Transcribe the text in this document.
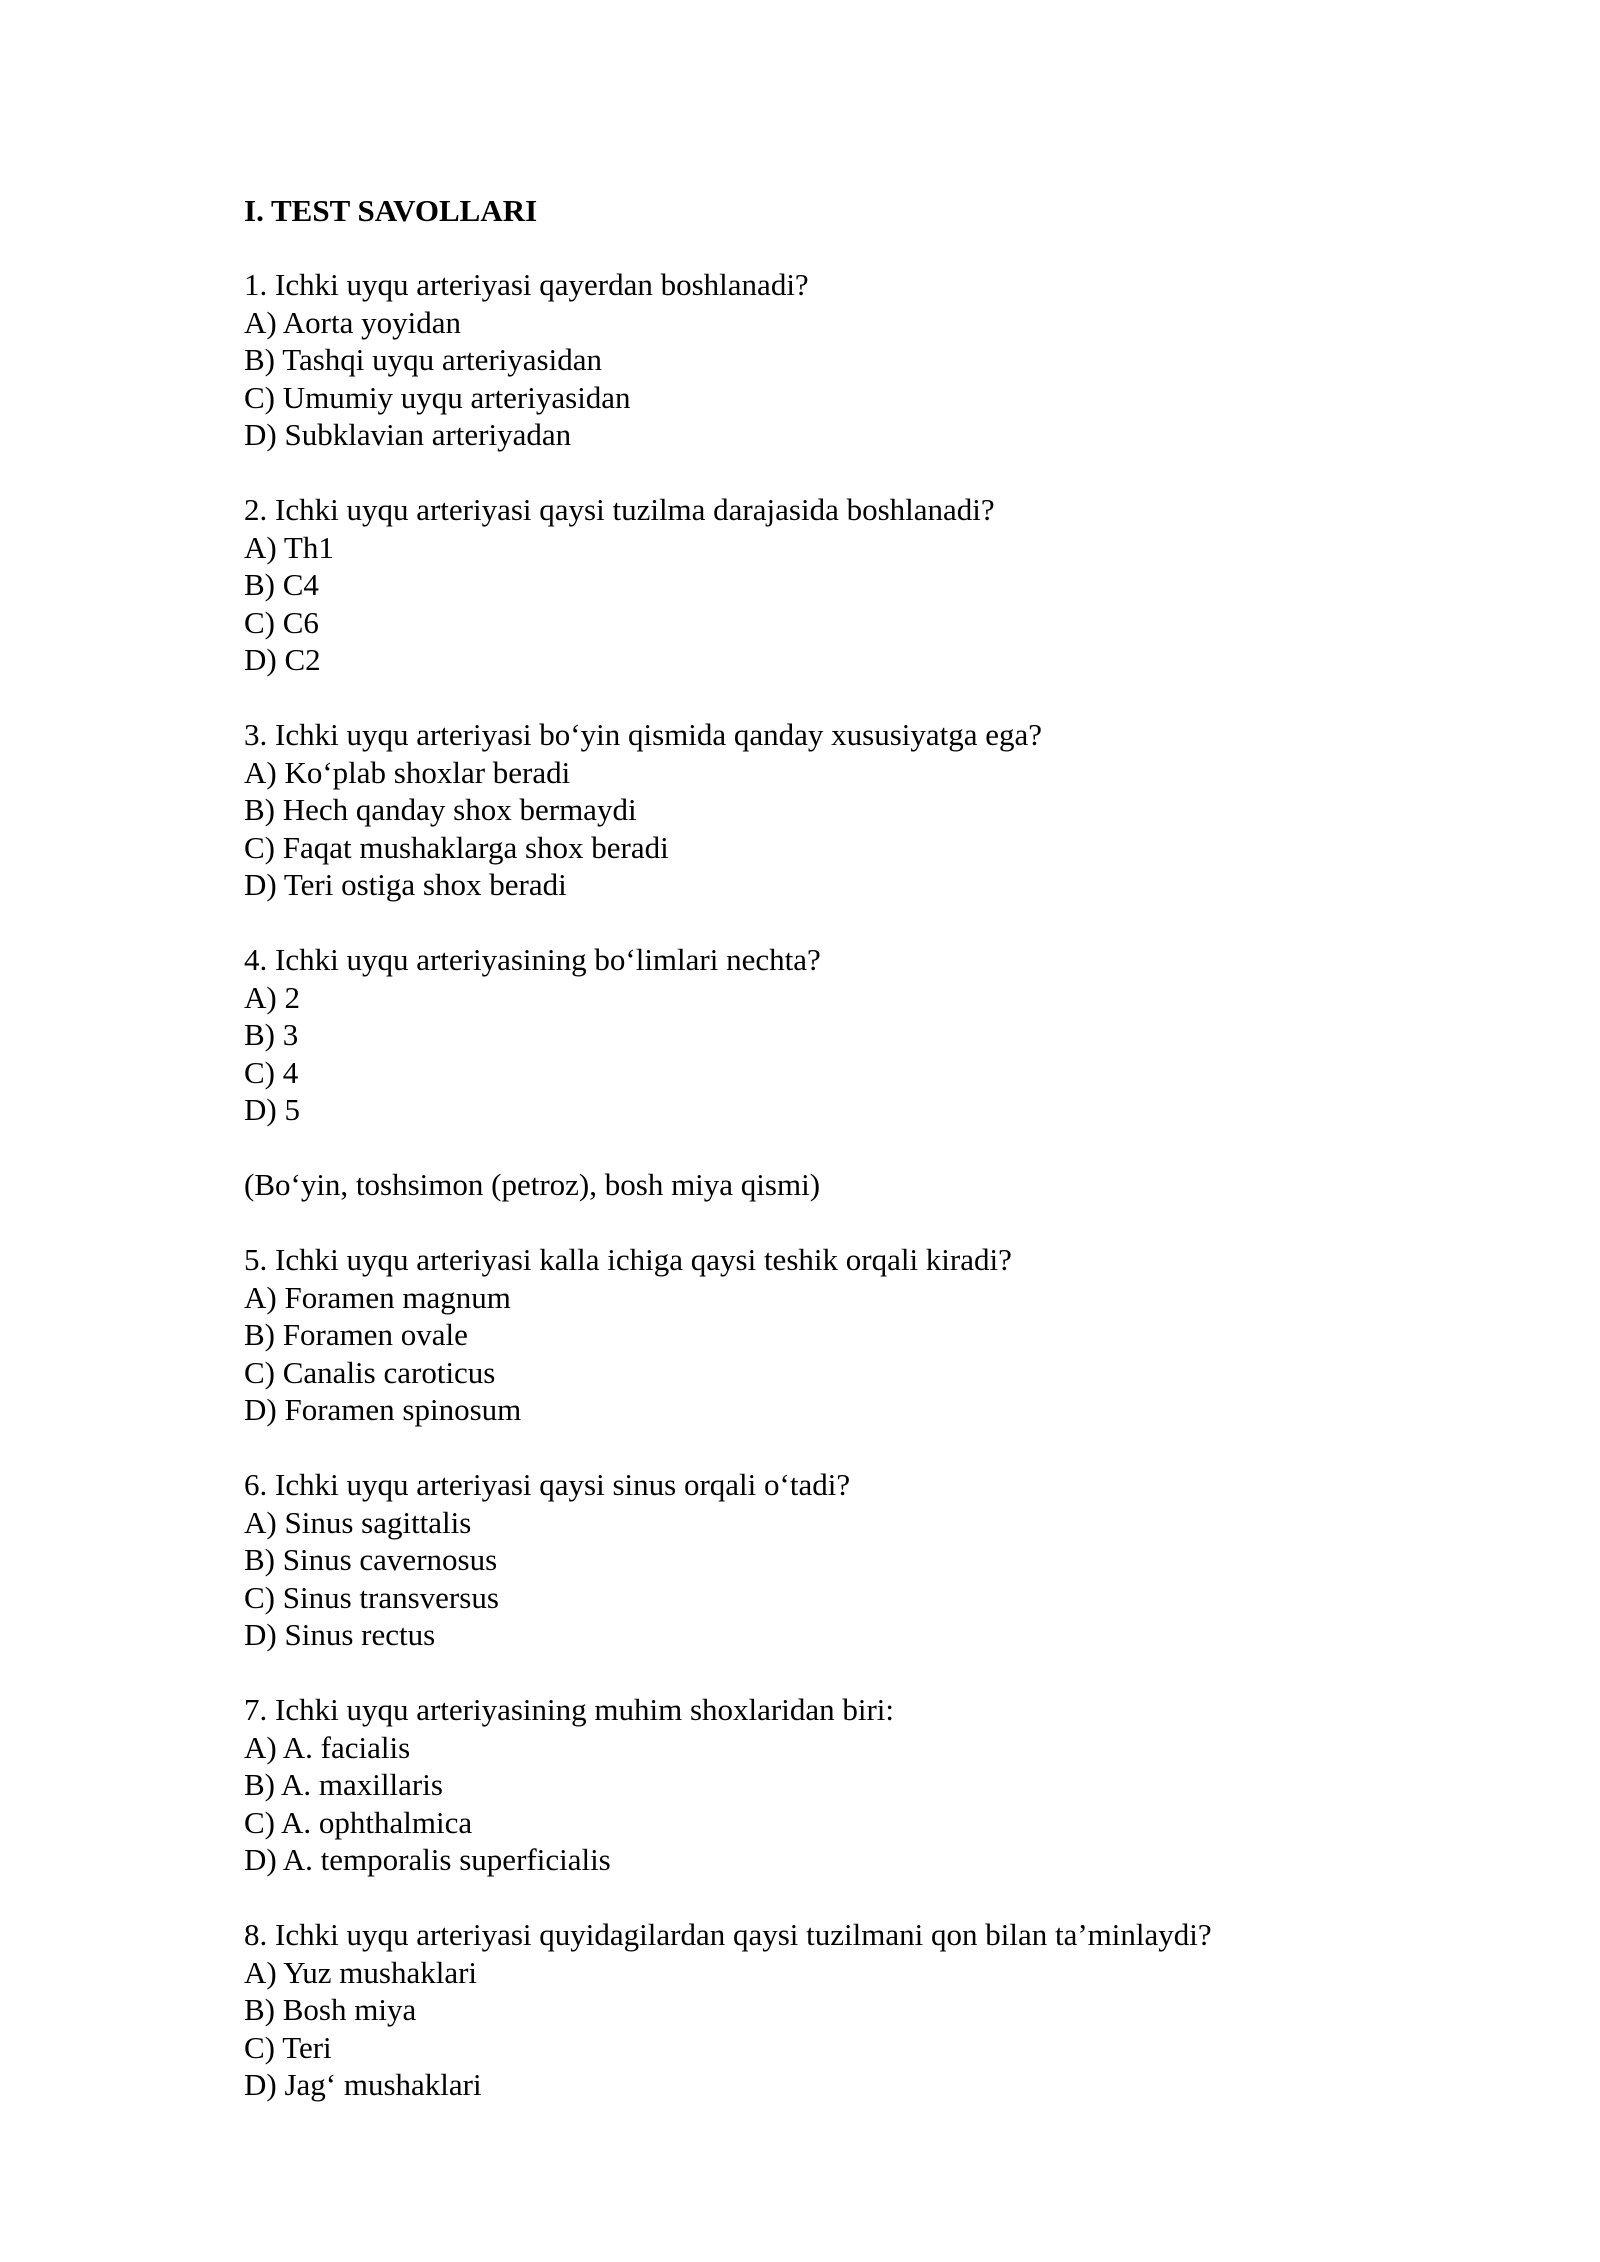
I. TEST SAVOLLARI
1. Ichki uyqu arteriyasi qayerdan boshlanadi?
A) Aorta yoyidan
B) Tashqi uyqu arteriyasidan
C) Umumiy uyqu arteriyasidan
D) Subklavian arteriyadan
2. Ichki uyqu arteriyasi qaysi tuzilma darajasida boshlanadi?
A) Th1
B) C4
C) C6
D) C2
3. Ichki uyqu arteriyasi bo‘yin qismida qanday xususiyatga ega?
A) Ko‘plab shoxlar beradi
B) Hech qanday shox bermaydi
C) Faqat mushaklarga shox beradi
D) Teri ostiga shox beradi
4. Ichki uyqu arteriyasining bo‘limlari nechta?
A) 2
B) 3
C) 4
D) 5
(Bo‘yin, toshsimon (petroz), bosh miya qismi)
5. Ichki uyqu arteriyasi kalla ichiga qaysi teshik orqali kiradi?
A) Foramen magnum
B) Foramen ovale
C) Canalis caroticus
D) Foramen spinosum
6. Ichki uyqu arteriyasi qaysi sinus orqali o‘tadi?
A) Sinus sagittalis
B) Sinus cavernosus
C) Sinus transversus
D) Sinus rectus
7. Ichki uyqu arteriyasining muhim shoxlaridan biri:
A) A. facialis
B) A. maxillaris
C) A. ophthalmica
D) A. temporalis superficialis
8. Ichki uyqu arteriyasi quyidagilardan qaysi tuzilmani qon bilan ta’minlaydi?
A) Yuz mushaklari
B) Bosh miya
C) Teri
D) Jag‘ mushaklari
